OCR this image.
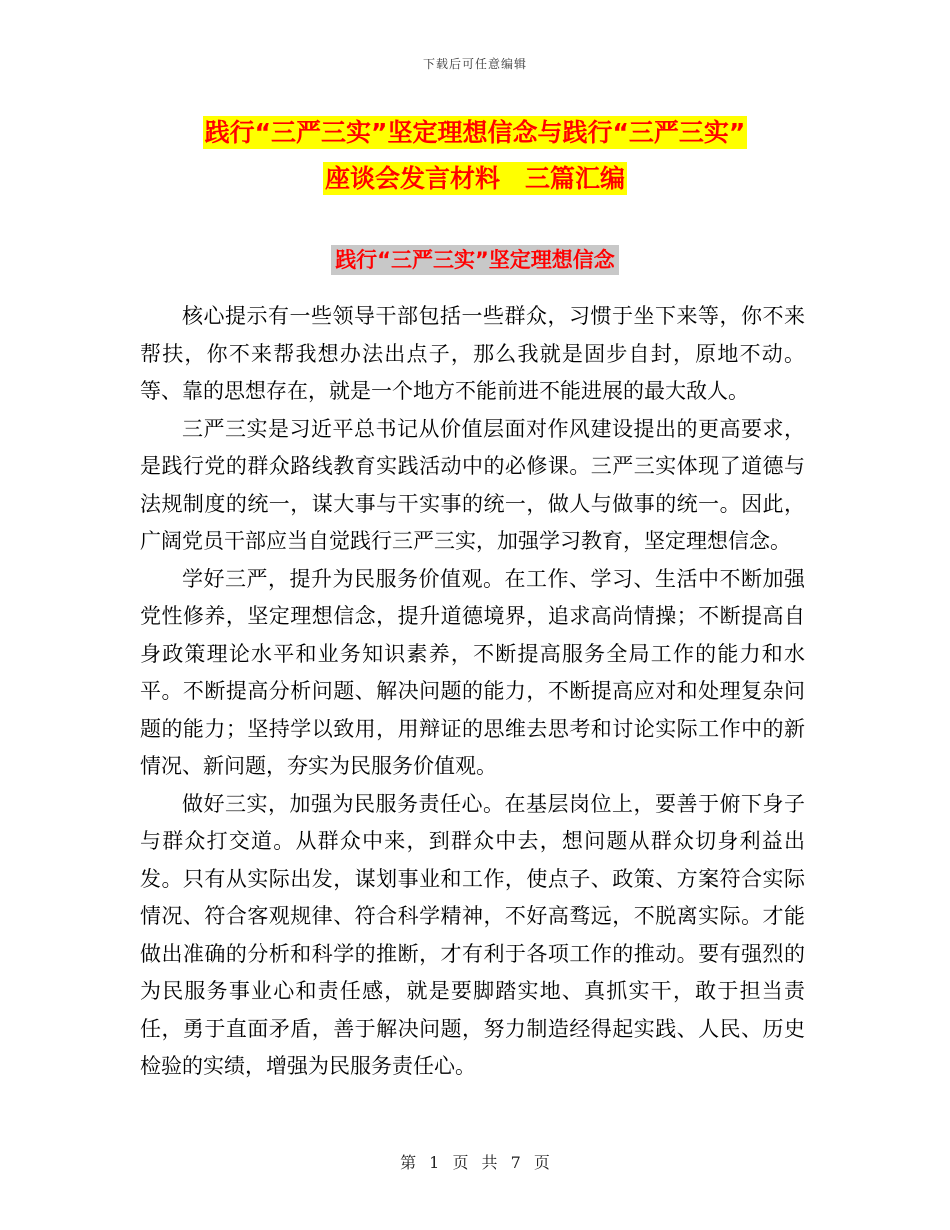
下载后可任意编辑
践行“三严三实”坚定理想信念与践行“三严三实”
座谈会发言材料　三篇汇编
践行“三严三实”坚定理想信念

核心提示有一些领导干部包括一些群众，习惯于坐下来等，你不来帮扶，你不来帮我想办法出点子，那么我就是固步自封，原地不动。等、靠的思想存在，就是一个地方不能前进不能进展的最大敌人。

三严三实是习近平总书记从价值层面对作风建设提出的更高要求，是践行党的群众路线教育实践活动中的必修课。三严三实体现了道德与法规制度的统一，谋大事与干实事的统一，做人与做事的统一。因此，广阔党员干部应当自觉践行三严三实，加强学习教育，坚定理想信念。

学好三严，提升为民服务价值观。在工作、学习、生活中不断加强党性修养，坚定理想信念，提升道德境界，追求高尚情操；不断提高自身政策理论水平和业务知识素养，不断提高服务全局工作的能力和水平。不断提高分析问题、解决问题的能力，不断提高应对和处理复杂问题的能力；坚持学以致用，用辩证的思维去思考和讨论实际工作中的新情况、新问题，夯实为民服务价值观。

做好三实，加强为民服务责任心。在基层岗位上，要善于俯下身子与群众打交道。从群众中来，到群众中去，想问题从群众切身利益出发。只有从实际出发，谋划事业和工作，使点子、政策、方案符合实际情况、符合客观规律、符合科学精神，不好高骛远，不脱离实际。才能做出准确的分析和科学的推断，才有利于各项工作的推动。要有强烈的为民服务事业心和责任感，就是要脚踏实地、真抓实干，敢于担当责任，勇于直面矛盾，善于解决问题，努力制造经得起实践、人民、历史检验的实绩，增强为民服务责任心。

第 1 页 共 7 页
